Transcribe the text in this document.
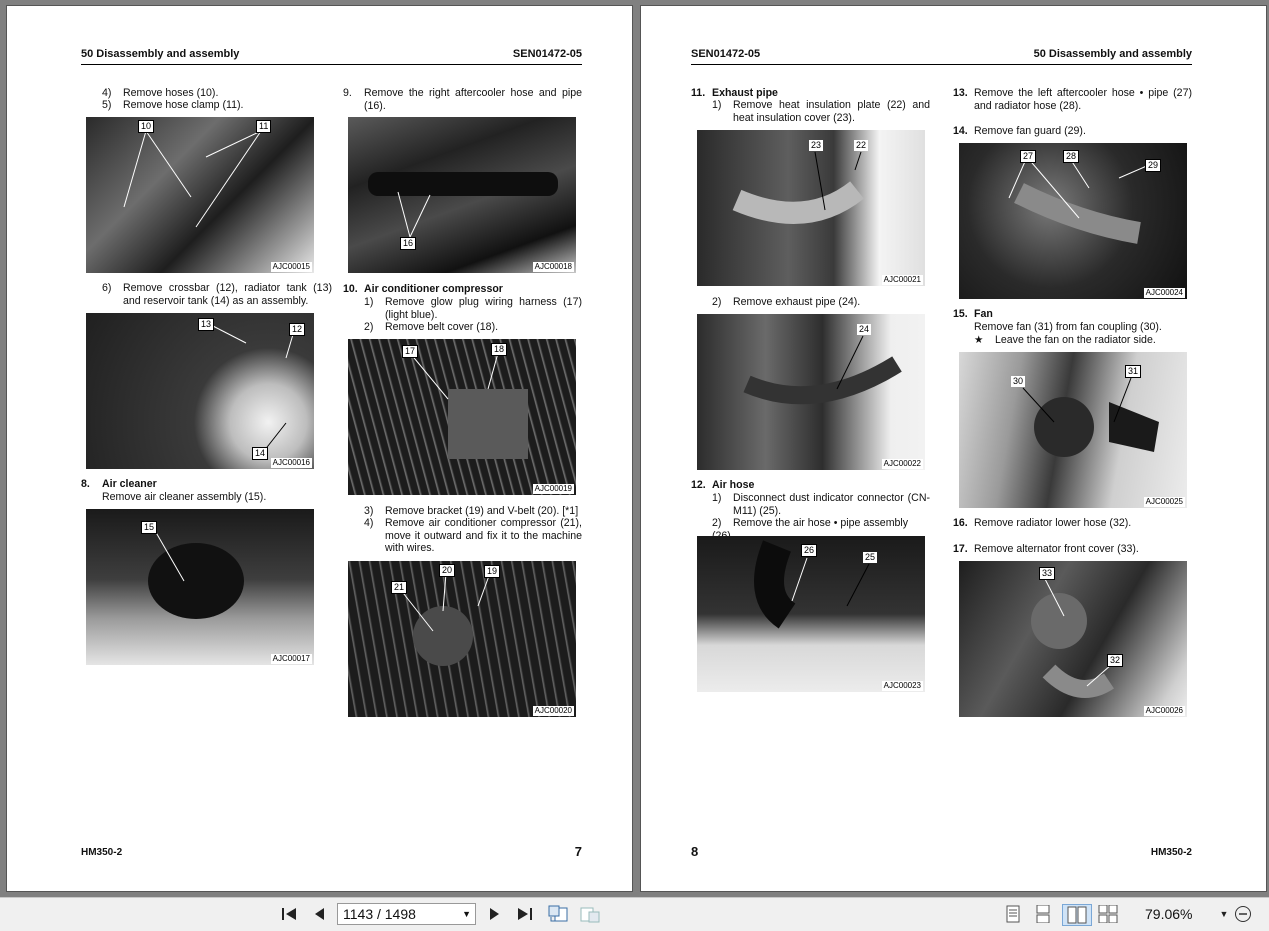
50 Disassembly and assembly	SEN01472-05
4) Remove hoses (10).
5) Remove hose clamp (11).
10	11
AJC00015
6)	Remove crossbar (12), radiator tank (13) and reservoir tank (14) as an assembly.
13	12
14
AJC00016
8.	Air cleaner
Remove air cleaner assembly (15).
15
AJC00017
9.	Remove the right aftercooler hose and pipe (16).
16
AJC00018
10. Air conditioner compressor
1)	Remove glow plug wiring harness (17) (light blue).
2) Remove belt cover (18).
17	18
AJC00019
3) Remove bracket (19) and V-belt (20). [*1]
4)	Remove air conditioner compressor (21), move it outward and fix it to the machine with wires.
21
20	19
AJC00020
HM350-2	7
SEN01472-05	50 Disassembly and assembly
11. Exhaust pipe
1)	Remove heat insulation plate (22) and heat insulation cover (23).
23	22
AJC00021
2) Remove exhaust pipe (24).
24
AJC00022
12. Air hose
1)	Disconnect dust indicator connector (CN-M11) (25).
2) Remove the air hose • pipe assembly
26
25
AJC00023
13. Remove the left aftercooler hose • pipe (27) and radiator hose (28).
14. Remove fan guard (29).
27	28
29
AJC00024
15. Fan
Remove fan (31) from fan coupling (30).
★ Leave the fan on the radiator side.
30
31
AJC00025
16. Remove radiator lower hose (32).
17. Remove alternator front cover (33).
33
32
AJC00026
8	HM350-2
1143 / 1498	▼	79.06%	▼
